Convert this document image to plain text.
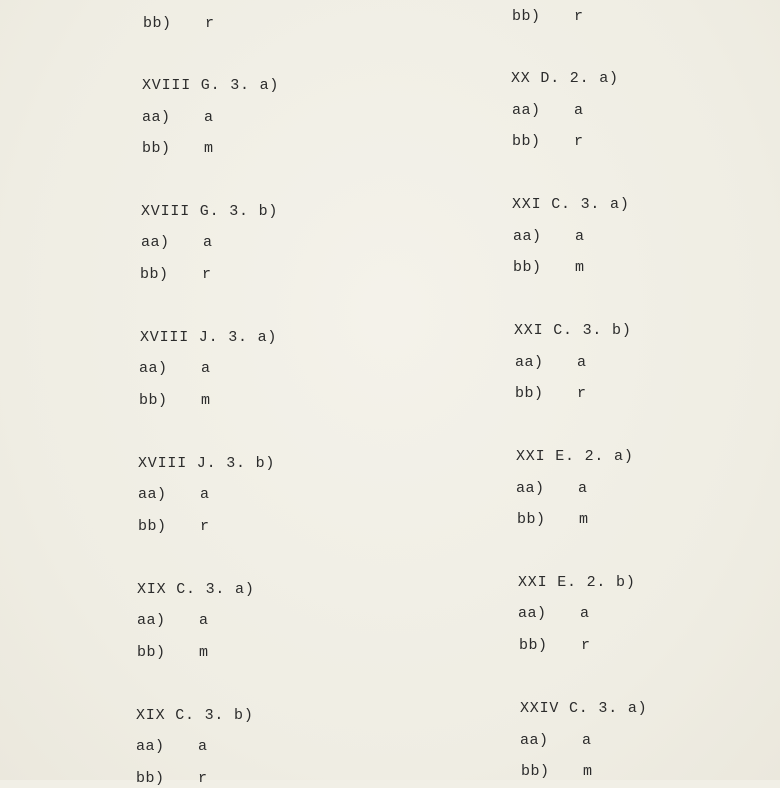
bb) r
XVIII G. 3. a)
aa) a
bb) m
XVIII G. 3. b)
aa) a
bb) r
XVIII J. 3. a)
aa) a
bb) m
XVIII J. 3. b)
aa) a
bb) r
XIX C. 3. a)
aa) a
bb) m
XIX C. 3. b)
aa) a
bb) r
bb) r
XX D. 2. a)
aa) a
bb) r
XXI C. 3. a)
aa) a
bb) m
XXI C. 3. b)
aa) a
bb) r
XXI E. 2. a)
aa) a
bb) m
XXI E. 2. b)
aa) a
bb) r
XXIV C. 3. a)
aa) a
bb) m
